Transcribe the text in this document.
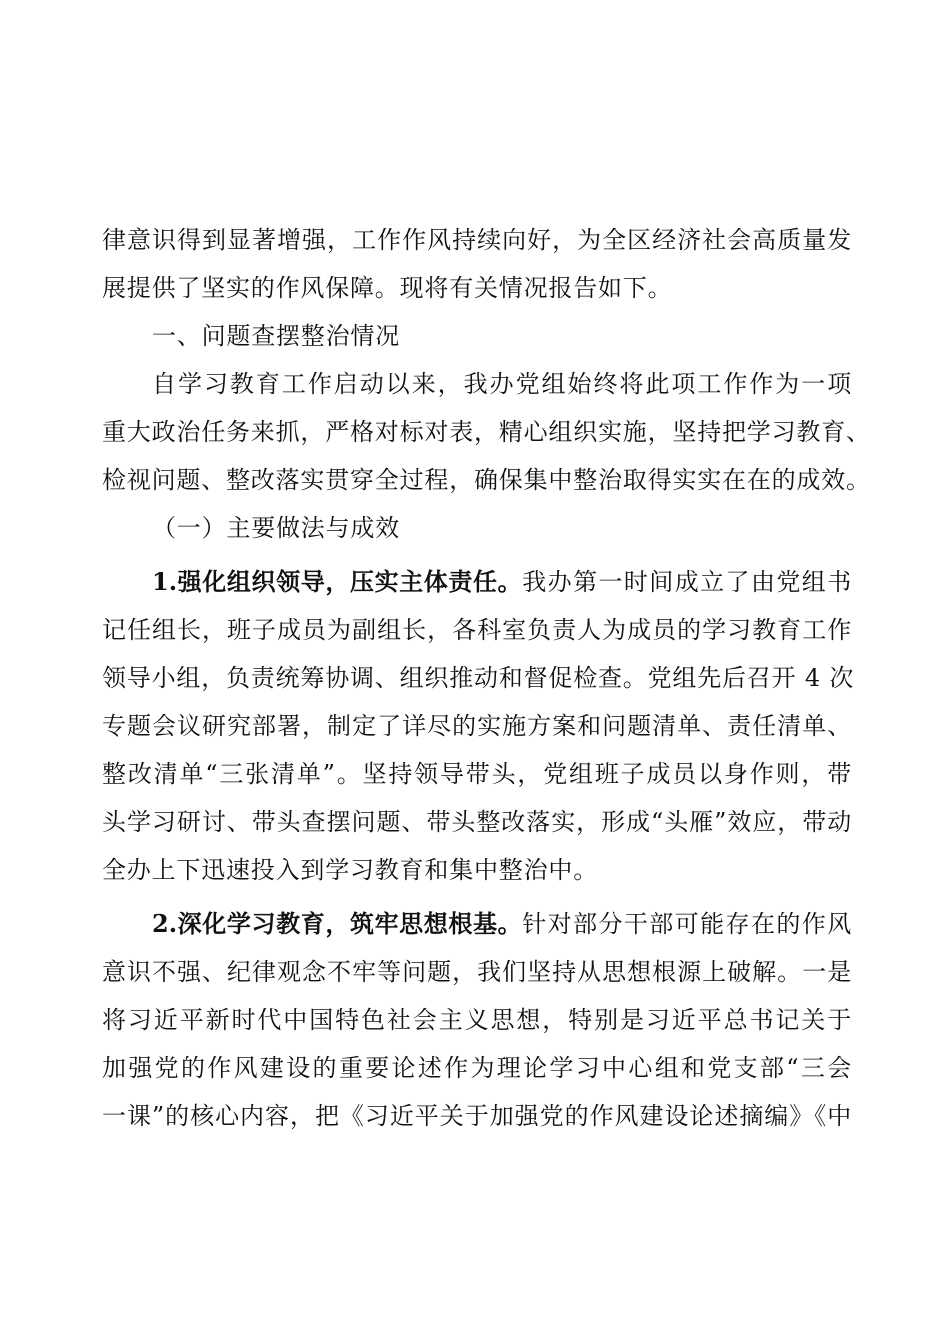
律意识得到显著增强，工作作风持续向好，为全区经济社会高质量发
展提供了坚实的作风保障。现将有关情况报告如下。
一、问题查摆整治情况
自学习教育工作启动以来，我办党组始终将此项工作作为一项
重大政治任务来抓，严格对标对表，精心组织实施，坚持把学习教育、
检视问题、整改落实贯穿全过程，确保集中整治取得实实在在的成效。
（一）主要做法与成效
1.强化组织领导，压实主体责任。我办第一时间成立了由党组书
记任组长，班子成员为副组长，各科室负责人为成员的学习教育工作
领导小组，负责统筹协调、组织推动和督促检查。党组先后召开 4 次
专题会议研究部署，制定了详尽的实施方案和问题清单、责任清单、
整改清单“三张清单”。坚持领导带头，党组班子成员以身作则，带
头学习研讨、带头查摆问题、带头整改落实，形成“头雁”效应，带动
全办上下迅速投入到学习教育和集中整治中。
2.深化学习教育，筑牢思想根基。针对部分干部可能存在的作风
意识不强、纪律观念不牢等问题，我们坚持从思想根源上破解。一是
将习近平新时代中国特色社会主义思想，特别是习近平总书记关于
加强党的作风建设的重要论述作为理论学习中心组和党支部“三会
一课”的核心内容，把《习近平关于加强党的作风建设论述摘编》《中
